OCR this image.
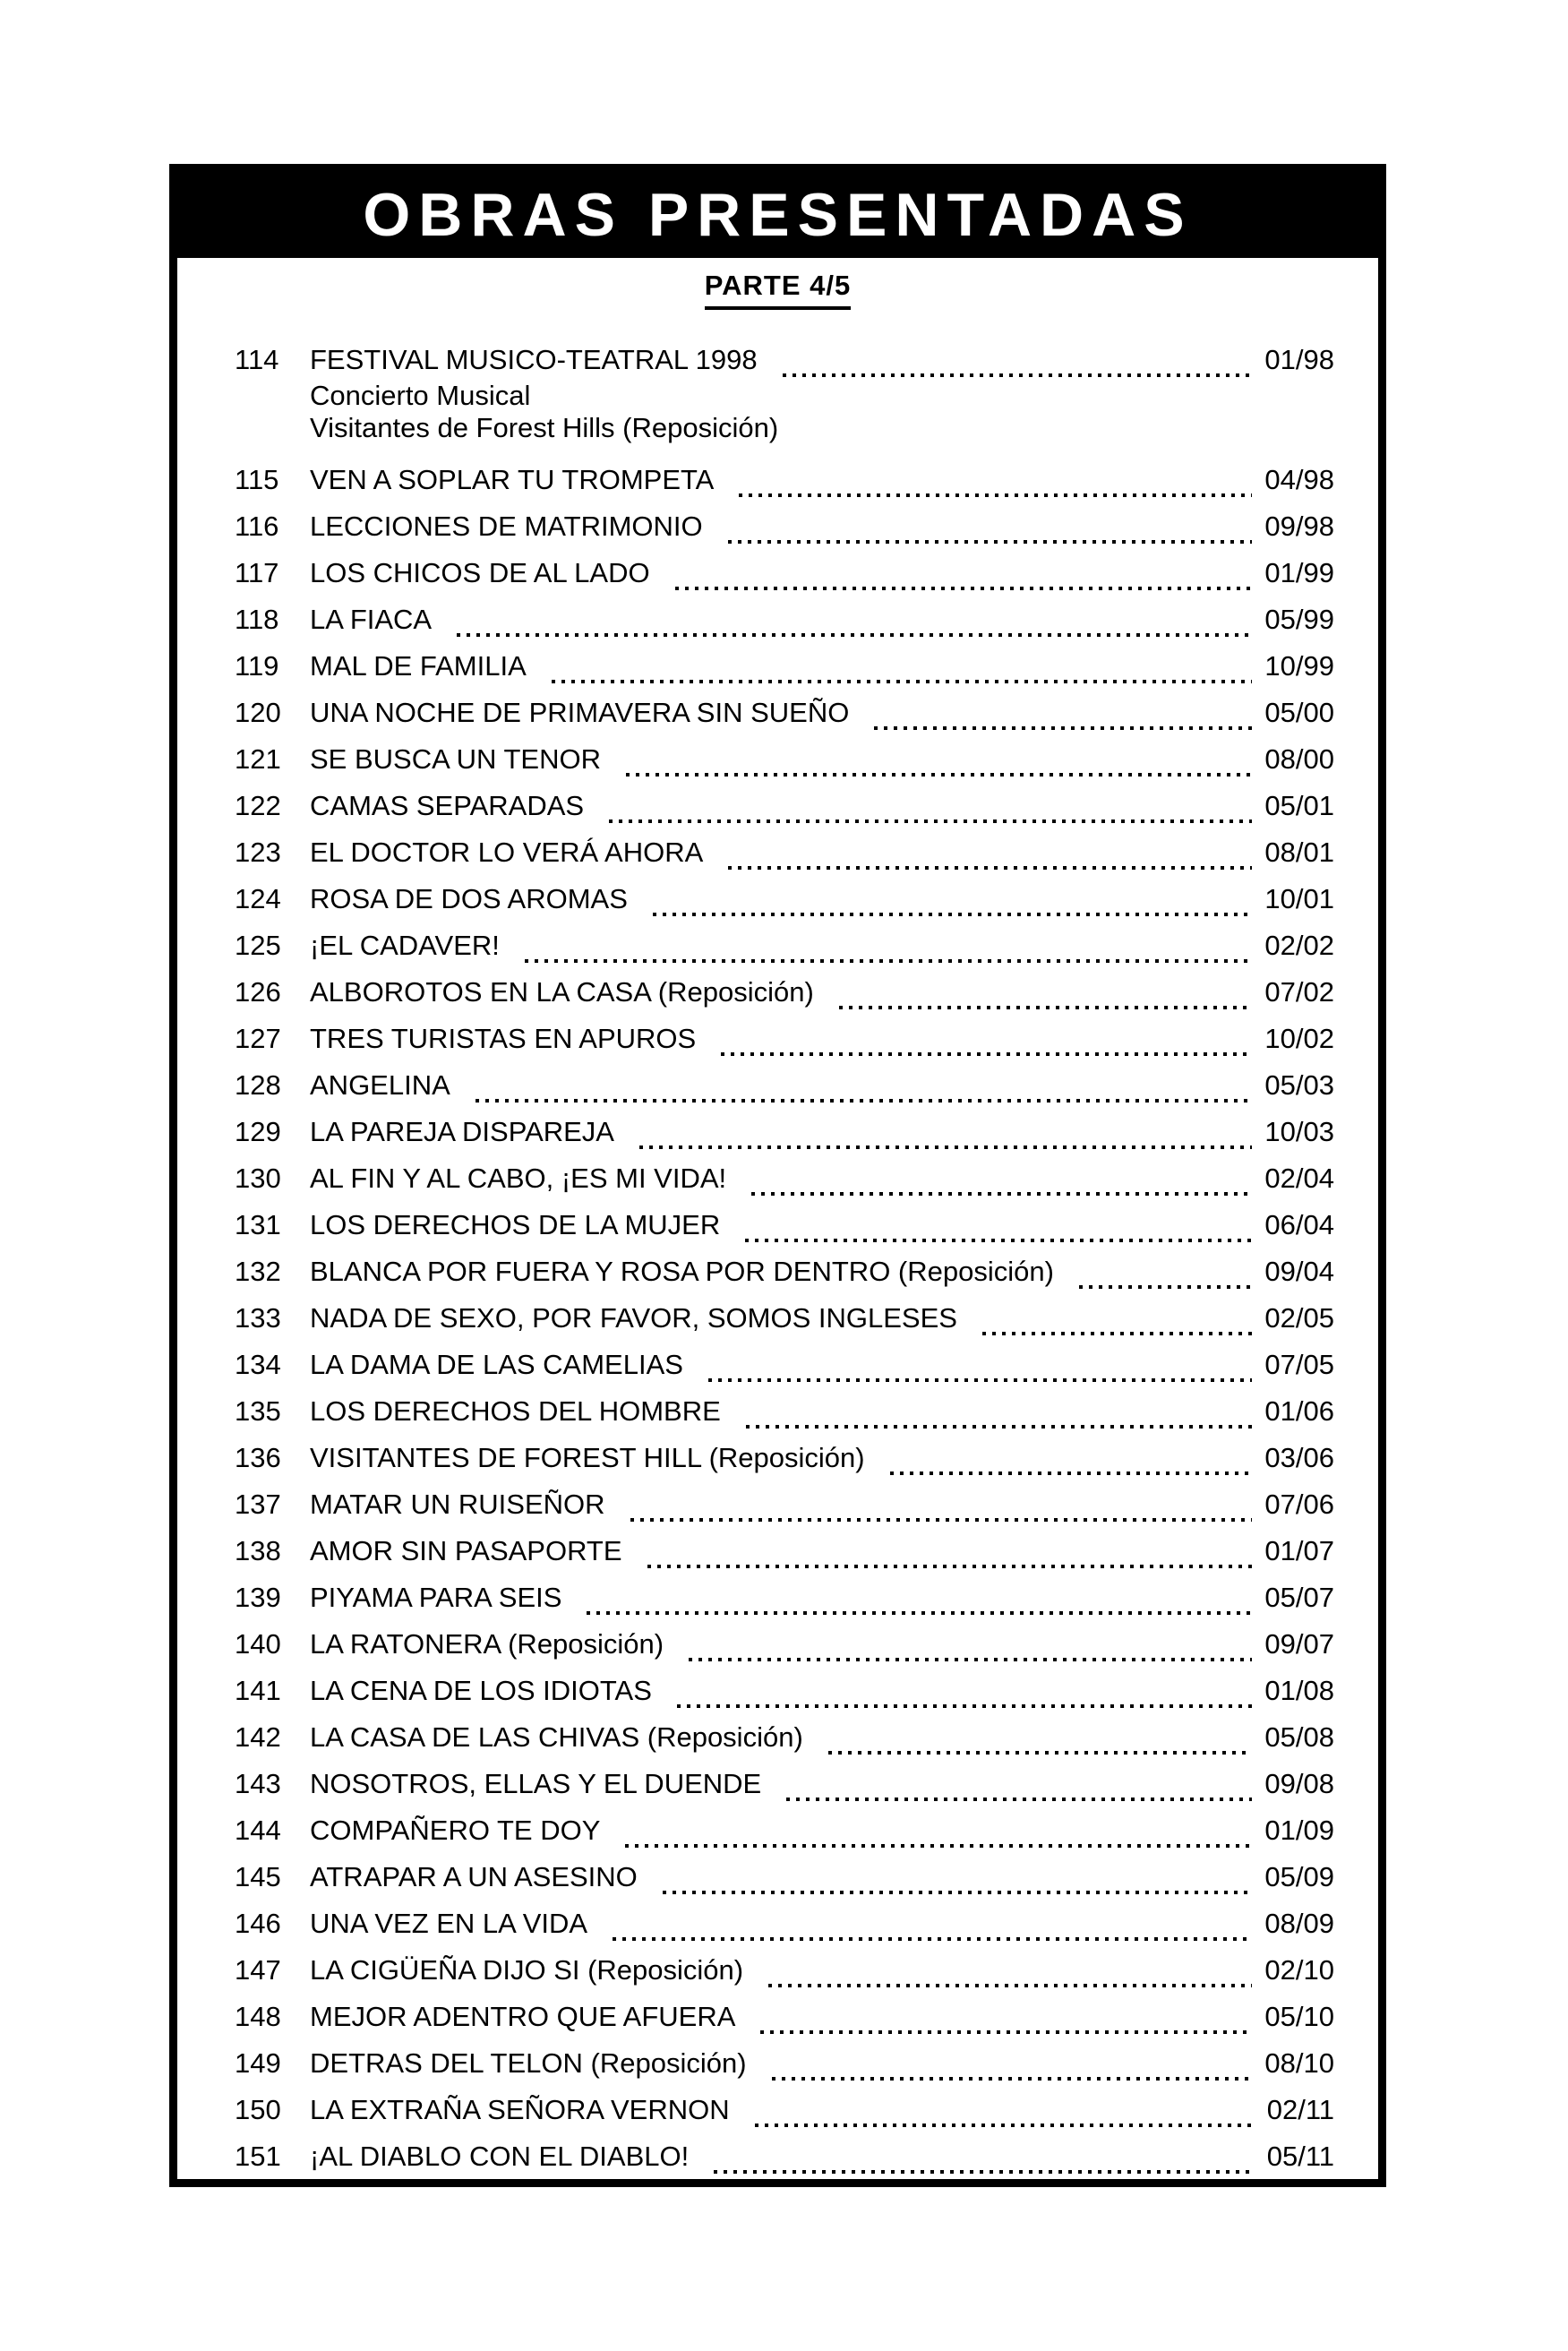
OBRAS PRESENTADAS
PARTE 4/5
114	FESTIVAL MUSICO-TEATRAL 1998	01/98
Concierto Musical
Visitantes de Forest Hills (Reposición)
115	VEN A SOPLAR TU TROMPETA	04/98
116	LECCIONES DE MATRIMONIO	09/98
117	LOS CHICOS DE AL LADO	01/99
118	LA FIACA	05/99
119	MAL DE FAMILIA	10/99
120	UNA NOCHE DE PRIMAVERA SIN SUEÑO	05/00
121	SE BUSCA UN TENOR	08/00
122	CAMAS SEPARADAS	05/01
123	EL DOCTOR LO VERÁ AHORA	08/01
124	ROSA DE DOS AROMAS	10/01
125	¡EL CADAVER!	02/02
126	ALBOROTOS EN LA CASA (Reposición)	07/02
127	TRES TURISTAS EN APUROS	10/02
128	ANGELINA	05/03
129	LA PAREJA DISPAREJA	10/03
130	AL FIN Y AL CABO, ¡ES MI VIDA!	02/04
131	LOS DERECHOS DE LA MUJER	06/04
132	BLANCA POR FUERA Y ROSA POR DENTRO (Reposición)	09/04
133	NADA DE SEXO, POR FAVOR, SOMOS INGLESES	02/05
134	LA DAMA DE LAS CAMELIAS	07/05
135	LOS DERECHOS DEL HOMBRE	01/06
136	VISITANTES DE FOREST HILL (Reposición)	03/06
137	MATAR UN RUISEÑOR	07/06
138	AMOR SIN PASAPORTE	01/07
139	PIYAMA PARA SEIS	05/07
140	LA RATONERA (Reposición)	09/07
141	LA CENA DE LOS IDIOTAS	01/08
142	LA CASA DE LAS CHIVAS (Reposición)	05/08
143	NOSOTROS, ELLAS Y EL DUENDE	09/08
144	COMPAÑERO TE DOY	01/09
145	ATRAPAR A UN ASESINO	05/09
146	UNA VEZ EN LA VIDA	08/09
147	LA CIGÜEÑA DIJO SI (Reposición)	02/10
148	MEJOR ADENTRO QUE AFUERA	05/10
149	DETRAS DEL TELON (Reposición)	08/10
150	LA EXTRAÑA SEÑORA VERNON	02/11
151	¡AL DIABLO CON EL DIABLO!	05/11
